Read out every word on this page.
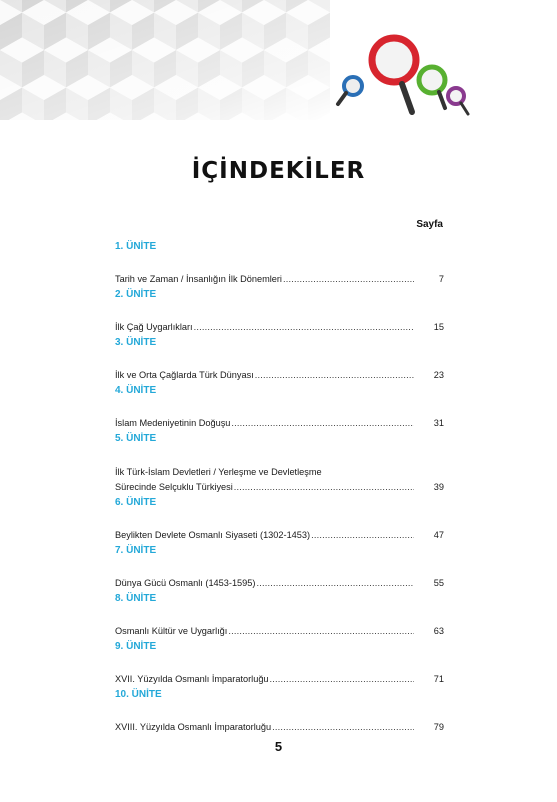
İÇİNDEKİLER
Sayfa
1. ÜNİTE
Tarih ve Zaman / İnsanlığın İlk Dönemleri .....	7
2. ÜNİTE
İlk Çağ Uygarlıkları .....	15
3. ÜNİTE
İlk ve Orta Çağlarda Türk Dünyası .....	23
4. ÜNİTE
İslam Medeniyetinin Doğuşu .....	31
5. ÜNİTE
İlk Türk-İslam Devletleri / Yerleşme ve Devletleşme
Sürecinde Selçuklu Türkiyesi .....	39
6. ÜNİTE
Beylikten Devlete Osmanlı Siyaseti (1302-1453) .....	47
7. ÜNİTE
Dünya Gücü Osmanlı (1453-1595) .....	55
8. ÜNİTE
Osmanlı Kültür ve Uygarlığı .....	63
9. ÜNİTE
XVII. Yüzyılda Osmanlı İmparatorluğu .....	71
10. ÜNİTE
XVIII. Yüzyılda Osmanlı İmparatorluğu .....	79
5
